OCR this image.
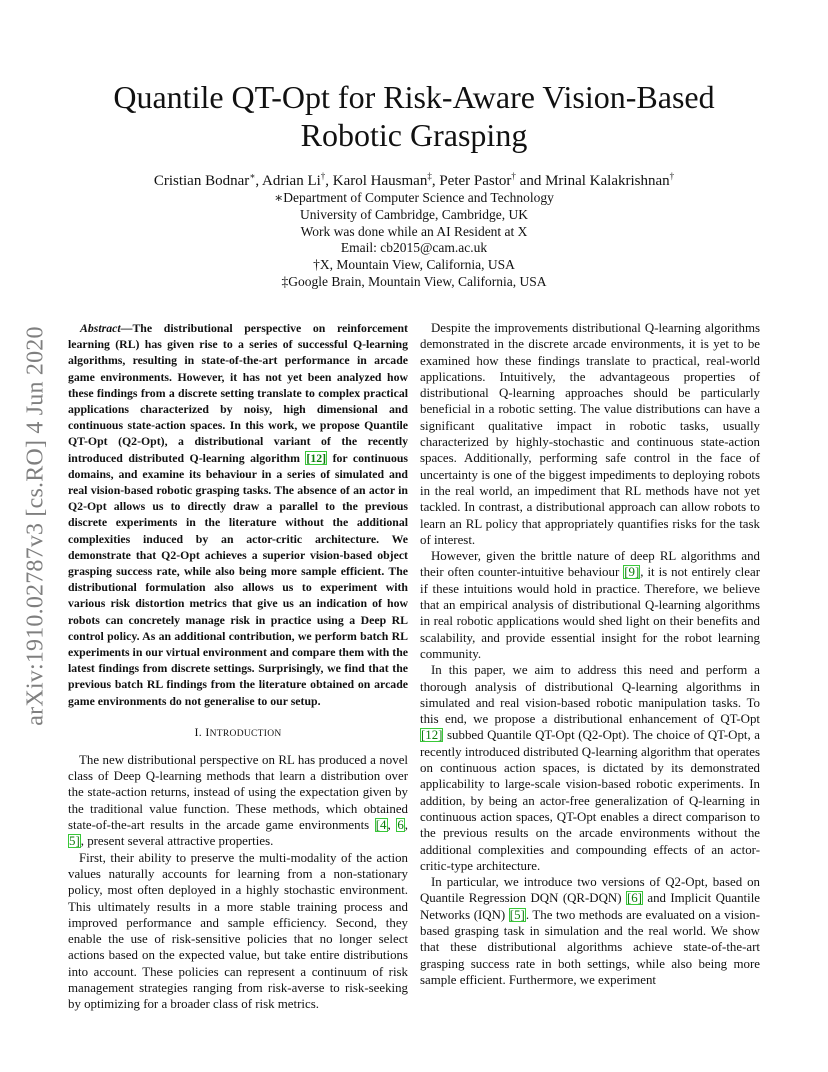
Quantile QT-Opt for Risk-Aware Vision-Based Robotic Grasping
Cristian Bodnar∗, Adrian Li†, Karol Hausman‡, Peter Pastor† and Mrinal Kalakrishnan†
∗Department of Computer Science and Technology
University of Cambridge, Cambridge, UK
Work was done while an AI Resident at X
Email: cb2015@cam.ac.uk
†X, Mountain View, California, USA
‡Google Brain, Mountain View, California, USA
arXiv:1910.02787v3 [cs.RO] 4 Jun 2020	Abstract—The distributional perspective on reinforcement learning (RL) has given rise to a series of successful Q-learning algorithms, resulting in state-of-the-art performance in arcade game environments. However, it has not yet been analyzed how these findings from a discrete setting translate to complex practical applications characterized by noisy, high dimensional and continuous state-action spaces. In this work, we propose Quantile QT-Opt (Q2-Opt), a distributional variant of the recently introduced distributed Q-learning algorithm [12] for continuous domains, and examine its behaviour in a series of simulated and real vision-based robotic grasping tasks. The absence of an actor in Q2-Opt allows us to directly draw a parallel to the previous discrete experiments in the literature without the additional complexities induced by an actor-critic architecture. We demonstrate that Q2-Opt achieves a superior vision-based object grasping success rate, while also being more sample efficient. The distributional formulation also allows us to experiment with various risk distortion metrics that give us an indication of how robots can concretely manage risk in practice using a Deep RL control policy. As an additional contribution, we perform batch RL experiments in our virtual environment and compare them with the latest findings from discrete settings. Surprisingly, we find that the previous batch RL findings from the literature obtained on arcade game environments do not generalise to our setup.

I. INTRODUCTION

The new distributional perspective on RL has produced a novel class of Deep Q-learning methods that learn a distribution over the state-action returns, instead of using the expectation given by the traditional value function. These methods, which obtained state-of-the-art results in the arcade game environments [4, 6, 5], present several attractive properties.

First, their ability to preserve the multi-modality of the action values naturally accounts for learning from a non-stationary policy, most often deployed in a highly stochastic environment. This ultimately results in a more stable training process and improved performance and sample efficiency. Second, they enable the use of risk-sensitive policies that no longer select actions based on the expected value, but take entire distributions into account. These policies can represent a continuum of risk management strategies ranging from risk-averse to risk-seeking by optimizing for a broader class of risk metrics.

Despite the improvements distributional Q-learning algorithms demonstrated in the discrete arcade environments, it is yet to be examined how these findings translate to practical, real-world applications. Intuitively, the advantageous properties of distributional Q-learning approaches should be particularly beneficial in a robotic setting. The value distributions can have a significant qualitative impact in robotic tasks, usually characterized by highly-stochastic and continuous state-action spaces. Additionally, performing safe control in the face of uncertainty is one of the biggest impediments to deploying robots in the real world, an impediment that RL methods have not yet tackled. In contrast, a distributional approach can allow robots to learn an RL policy that appropriately quantifies risks for the task of interest.

However, given the brittle nature of deep RL algorithms and their often counter-intuitive behaviour [9], it is not entirely clear if these intuitions would hold in practice. Therefore, we believe that an empirical analysis of distributional Q-learning algorithms in real robotic applications would shed light on their benefits and scalability, and provide essential insight for the robot learning community.

In this paper, we aim to address this need and perform a thorough analysis of distributional Q-learning algorithms in simulated and real vision-based robotic manipulation tasks. To this end, we propose a distributional enhancement of QT-Opt [12] subbed Quantile QT-Opt (Q2-Opt). The choice of QT-Opt, a recently introduced distributed Q-learning algorithm that operates on continuous action spaces, is dictated by its demonstrated applicability to large-scale vision-based robotic experiments. In addition, by being an actor-free generalization of Q-learning in continuous action spaces, QT-Opt enables a direct comparison to the previous results on the arcade environments without the additional complexities and compounding effects of an actor-critic-type architecture.

In particular, we introduce two versions of Q2-Opt, based on Quantile Regression DQN (QR-DQN) [6] and Implicit Quantile Networks (IQN) [5]. The two methods are evaluated on a vision-based grasping task in simulation and the real world. We show that these distributional algorithms achieve state-of-the-art grasping success rate in both settings, while also being more sample efficient. Furthermore, we experiment
